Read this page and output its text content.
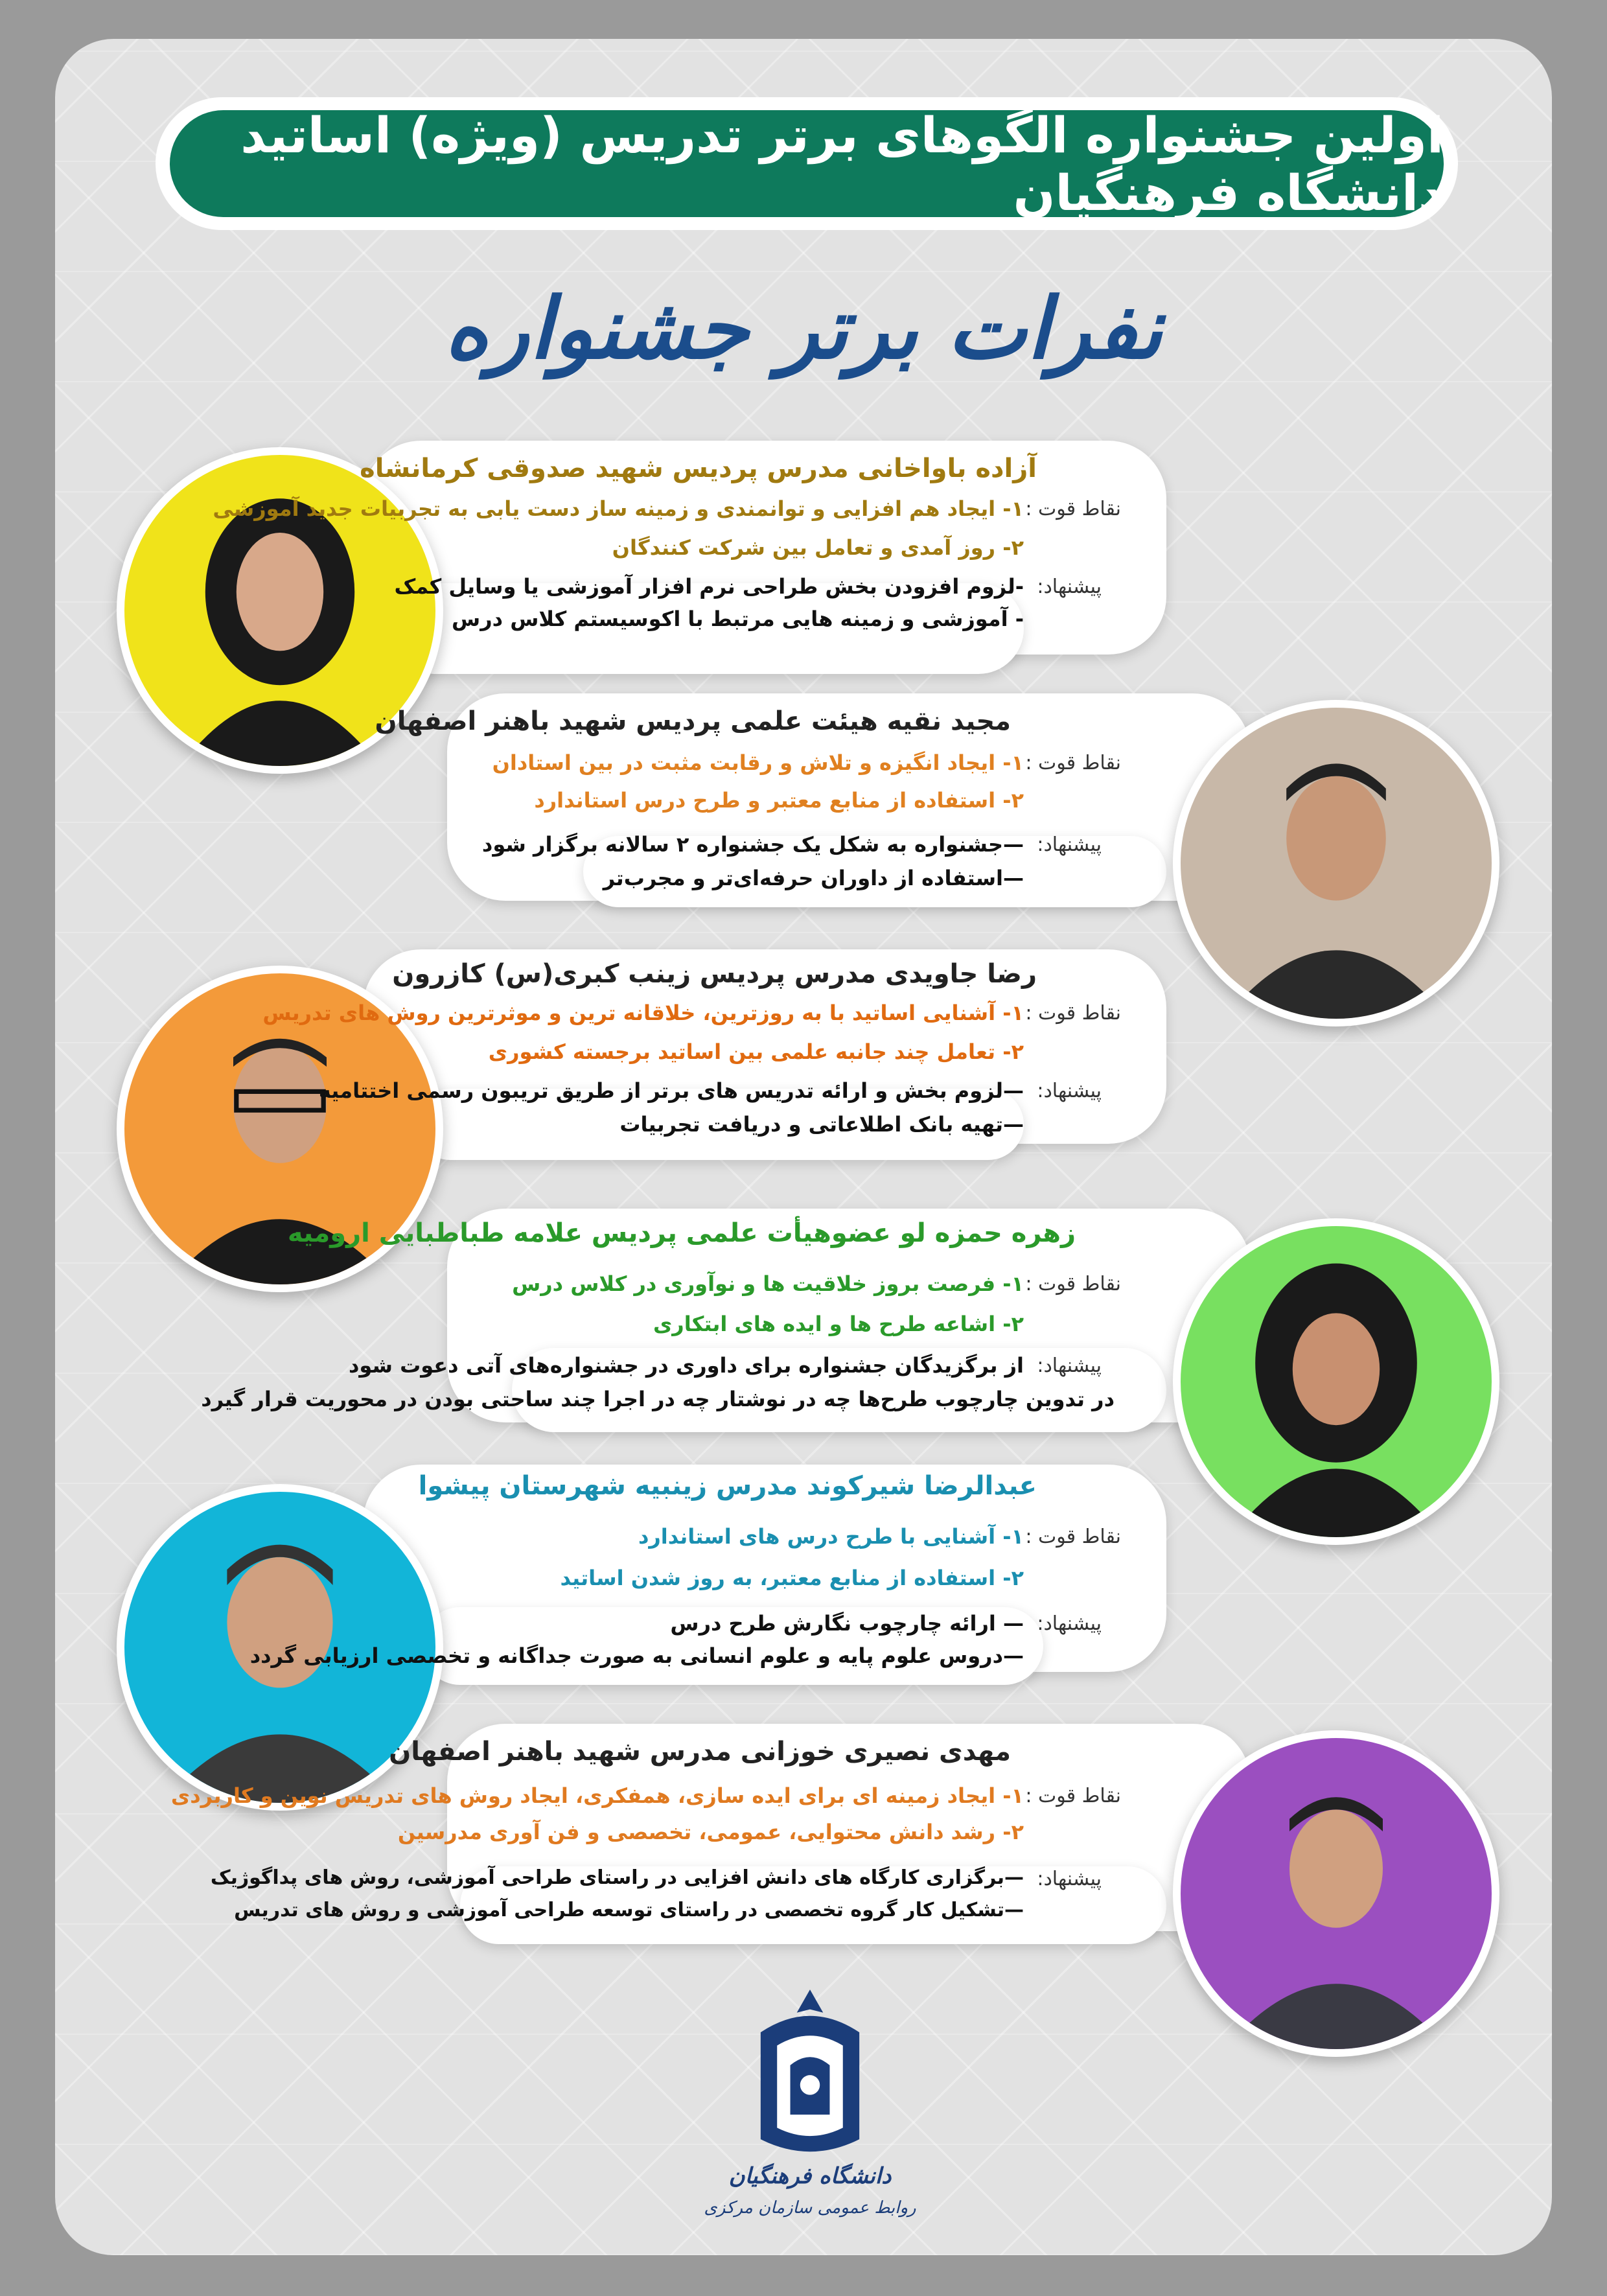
اولین جشنواره الگوهای برتر تدریس (ویژه) اساتید دانشگاه فرهنگیان
نفرات برتر جشنواره
آزاده باواخانی مدرس پردیس شهید صدوقی کرمانشاه
نقاط قوت :
۱- ایجاد هم افزایی و توانمندی و زمینه ساز دست یابی به تجربیات جدید آموزشی
۲- روز آمدی و تعامل بین شرکت کنندگان
پیشنهاد:
-لزوم افزودن بخش طراحی نرم افزار آموزشی یا وسایل کمک
- آموزشی و زمینه هایی مرتبط با اکوسیستم کلاس درس
مجید نقیه هیئت علمی پردیس شهید باهنر اصفهان
نقاط قوت :
۱- ایجاد انگیزه و تلاش و رقابت مثبت در بین استادان
۲- استفاده از منابع معتبر و طرح درس استاندارد
پیشنهاد:
—جشنواره به شکل یک جشنواره ۲ سالانه برگزار شود
—استفاده از داوران حرفه‌ای‌تر و مجرب‌تر
رضا جاویدی مدرس پردیس زینب کبری(س) کازرون
نقاط قوت :
۱- آشنایی اساتید با به روزترین، خلاقانه ترین و موثرترین روش های تدریس
۲- تعامل چند جانبه علمی بین اساتید برجسته کشوری
پیشنهاد:
—لزوم بخش و ارائه تدریس های برتر از طریق تریبون رسمی اختتامیه
—تهیه بانک اطلاعاتی و دریافت تجربیات
زهره حمزه لو عضوهیأت علمی پردیس علامه طباطبایی ارومیه
نقاط قوت :
۱- فرصت بروز خلاقیت ها و نوآوری در کلاس درس
۲- اشاعه طرح ها و ایده های ابتکاری
پیشنهاد:
از برگزیدگان جشنواره برای داوری در جشنواره‌های آتی دعوت شود
در تدوین چارچوب طرح‌ها چه در نوشتار چه در اجرا چند ساحتی بودن در محوریت قرار گیرد
عبدالرضا شیرکوند مدرس زینبیه شهرستان پیشوا
نقاط قوت :
۱- آشنایی با طرح درس های استاندارد
۲- استفاده از منابع معتبر، به روز شدن اساتید
پیشنهاد:
— ارائه چارچوب نگارش طرح درس
—دروس علوم پایه و علوم انسانی به صورت جداگانه و تخصصی ارزیابی گردد
مهدی نصیری خوزانی مدرس شهید باهنر اصفهان
نقاط قوت :
۱- ایجاد زمینه ای برای ایده سازی، همفکری، ایجاد روش های تدریس نوین و کاربردی
۲- رشد دانش محتوایی، عمومی، تخصصی و فن آوری مدرسین
پیشنهاد:
—برگزاری کارگاه های دانش افزایی در راستای طراحی آموزشی، روش های پداگوژیک
—تشکیل کار گروه تخصصی در راستای توسعه طراحی آموزشی و روش های تدریس
دانشگاه فرهنگیان
روابط عمومی سازمان مرکزی
